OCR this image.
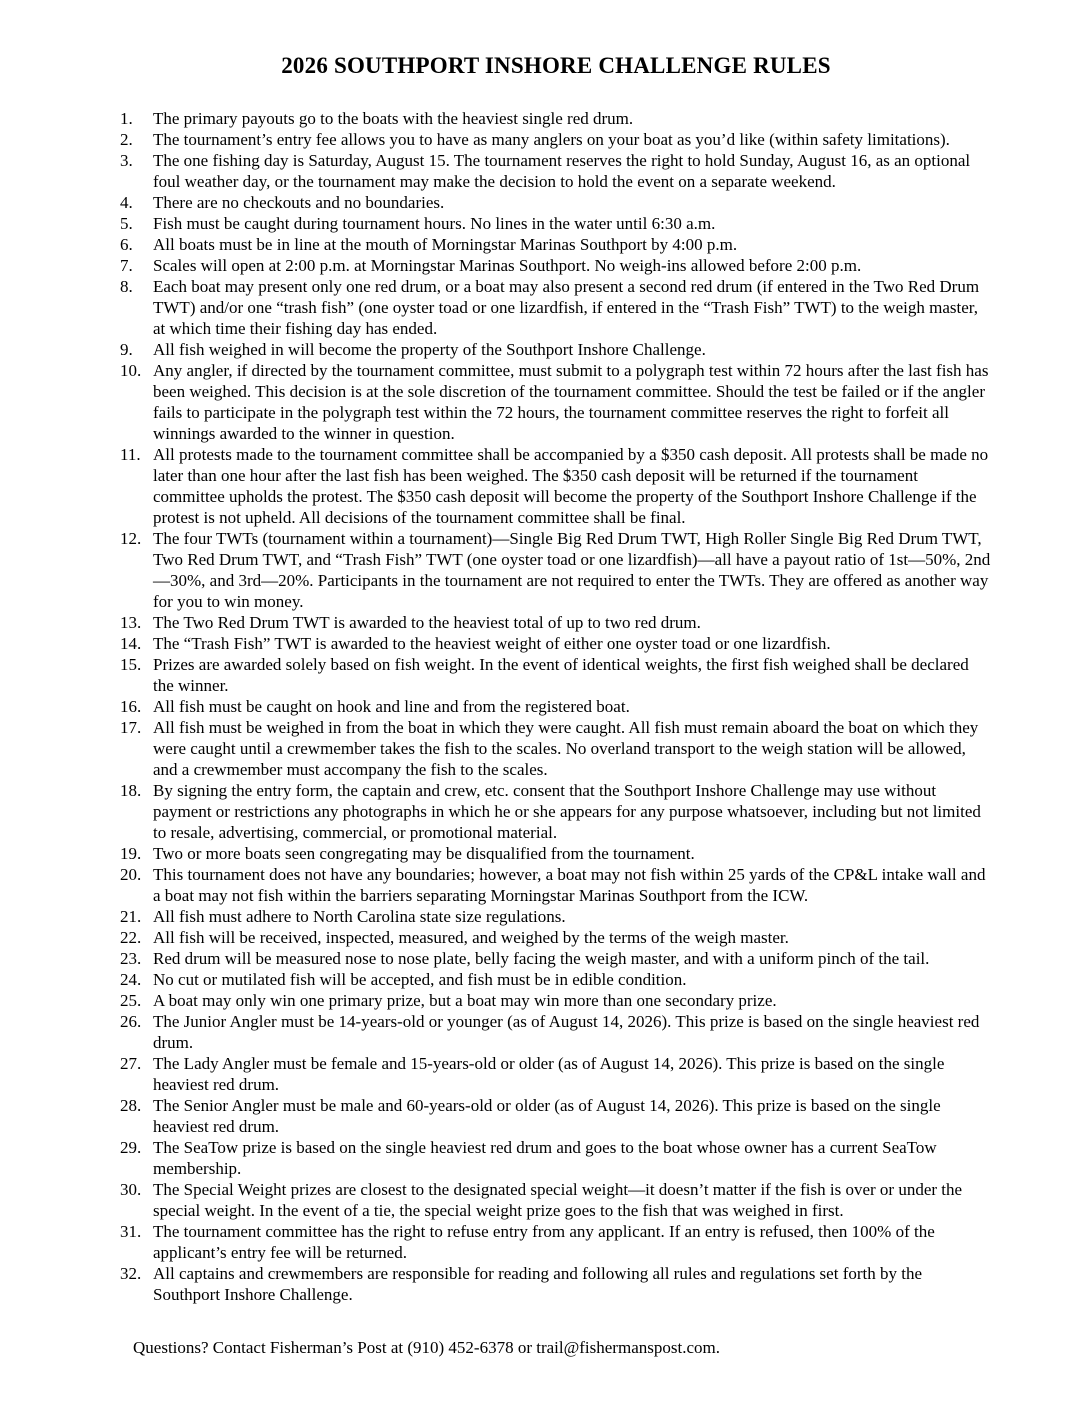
2026 SOUTHPORT INSHORE CHALLENGE RULES
1.	The primary payouts go to the boats with the heaviest single red drum.
2.	The tournament’s entry fee allows you to have as many anglers on your boat as you’d like (within safety limitations).
3.	The one fishing day is Saturday, August 15. The tournament reserves the right to hold Sunday, August 16, as an optional foul weather day, or the tournament may make the decision to hold the event on a separate weekend.
4.	There are no checkouts and no boundaries.
5.	Fish must be caught during tournament hours. No lines in the water until 6:30 a.m.
6.	All boats must be in line at the mouth of Morningstar Marinas Southport by 4:00 p.m.
7.	Scales will open at 2:00 p.m. at Morningstar Marinas Southport. No weigh-ins allowed before 2:00 p.m.
8.	Each boat may present only one red drum, or a boat may also present a second red drum (if entered in the Two Red Drum TWT) and/or one “trash fish” (one oyster toad or one lizardfish, if entered in the “Trash Fish” TWT) to the weigh master, at which time their fishing day has ended.
9.	All fish weighed in will become the property of the Southport Inshore Challenge.
10. Any angler, if directed by the tournament committee, must submit to a polygraph test within 72 hours after the last fish has been weighed. This decision is at the sole discretion of the tournament committee. Should the test be failed or if the angler fails to participate in the polygraph test within the 72 hours, the tournament committee reserves the right to forfeit all winnings awarded to the winner in question.
11. All protests made to the tournament committee shall be accompanied by a $350 cash deposit. All protests shall be made no later than one hour after the last fish has been weighed. The $350 cash deposit will be returned if the tournament committee upholds the protest. The $350 cash deposit will become the property of the Southport Inshore Challenge if the protest is not upheld. All decisions of the tournament committee shall be final.
12. The four TWTs (tournament within a tournament)—Single Big Red Drum TWT, High Roller Single Big Red Drum TWT, Two Red Drum TWT, and “Trash Fish” TWT (one oyster toad or one lizardfish)—all have a payout ratio of 1st—50%, 2nd—30%, and 3rd—20%. Participants in the tournament are not required to enter the TWTs. They are offered as another way for you to win money.
13. The Two Red Drum TWT is awarded to the heaviest total of up to two red drum.
14. The “Trash Fish” TWT is awarded to the heaviest weight of either one oyster toad or one lizardfish.
15. Prizes are awarded solely based on fish weight. In the event of identical weights, the first fish weighed shall be declared the winner.
16. All fish must be caught on hook and line and from the registered boat.
17. All fish must be weighed in from the boat in which they were caught. All fish must remain aboard the boat on which they were caught until a crewmember takes the fish to the scales. No overland transport to the weigh station will be allowed, and a crewmember must accompany the fish to the scales.
18. By signing the entry form, the captain and crew, etc. consent that the Southport Inshore Challenge may use without payment or restrictions any photographs in which he or she appears for any purpose whatsoever, including but not limited to resale, advertising, commercial, or promotional material.
19. Two or more boats seen congregating may be disqualified from the tournament.
20. This tournament does not have any boundaries; however, a boat may not fish within 25 yards of the CP&L intake wall and a boat may not fish within the barriers separating Morningstar Marinas Southport from the ICW.
21. All fish must adhere to North Carolina state size regulations.
22. All fish will be received, inspected, measured, and weighed by the terms of the weigh master.
23. Red drum will be measured nose to nose plate, belly facing the weigh master, and with a uniform pinch of the tail.
24. No cut or mutilated fish will be accepted, and fish must be in edible condition.
25. A boat may only win one primary prize, but a boat may win more than one secondary prize.
26. The Junior Angler must be 14-years-old or younger (as of August 14, 2026). This prize is based on the single heaviest red drum.
27. The Lady Angler must be female and 15-years-old or older (as of August 14, 2026). This prize is based on the single heaviest red drum.
28. The Senior Angler must be male and 60-years-old or older (as of August 14, 2026). This prize is based on the single heaviest red drum.
29. The SeaTow prize is based on the single heaviest red drum and goes to the boat whose owner has a current SeaTow membership.
30. The Special Weight prizes are closest to the designated special weight—it doesn’t matter if the fish is over or under the special weight. In the event of a tie, the special weight prize goes to the fish that was weighed in first.
31. The tournament committee has the right to refuse entry from any applicant. If an entry is refused, then 100% of the applicant’s entry fee will be returned.
32. All captains and crewmembers are responsible for reading and following all rules and regulations set forth by the Southport Inshore Challenge.

Questions? Contact Fisherman’s Post at (910) 452-6378 or trail@fishermanspost.com.
